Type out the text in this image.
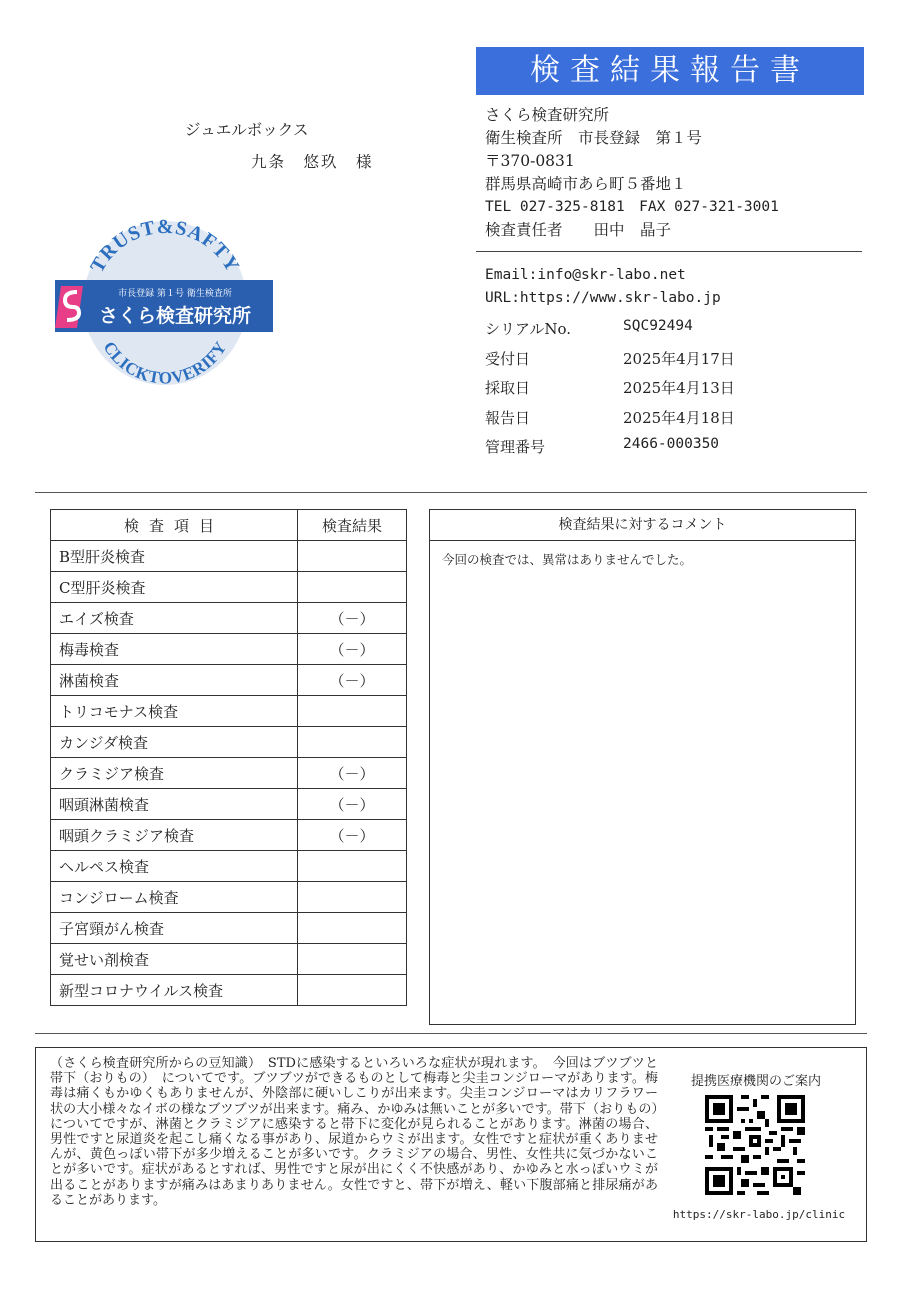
検査結果報告書
ジュエルボックス
九条　悠玖　様
TRUST&SAFTY
CLICKTOVERIFY
市長登録 第１号 衛生検査所
さくら検査研究所
さくら検査研究所
衛生検査所　市長登録　第１号
〒370-0831
群馬県高崎市あら町５番地１
TEL 027-325-8181　FAX 027-321-3001
検査責任者　　田中　晶子
Email:info@skr-labo.net
URL:https://www.skr-labo.jp
シリアルNo.	SQC92494
受付日	2025年4月17日
採取日	2025年4月13日
報告日	2025年4月18日
管理番号	2466-000350
検査項目	検査結果
B型肝炎検査	
C型肝炎検査	
エイズ検査	（－）
梅毒検査	（－）
淋菌検査	（－）
トリコモナス検査	
カンジダ検査	
クラミジア検査	（－）
咽頭淋菌検査	（－）
咽頭クラミジア検査	（－）
ヘルペス検査	
コンジローム検査	
子宮頸がん検査	
覚せい剤検査	
新型コロナウイルス検査	
検査結果に対するコメント
今回の検査では、異常はありませんでした。
（さくら検査研究所からの豆知識）　STDに感染するといろいろな症状が現れます。　今回はブツブツと帯下（おりもの）　についてです。ブツブツができるものとして梅毒と尖圭コンジローマがあります。梅毒は痛くもかゆくもありませんが、外陰部に硬いしこりが出来ます。尖圭コンジローマはカリフラワー状の大小様々なイボの様なブツブツが出来ます。痛み、かゆみは無いことが多いです。帯下（おりもの）についてですが、淋菌とクラミジアに感染すると帯下に変化が見られることがあります。淋菌の場合、男性ですと尿道炎を起こし痛くなる事があり、尿道からウミが出ます。女性ですと症状が重くありませんが、黄色っぽい帯下が多少増えることが多いです。クラミジアの場合、男性、女性共に気づかないことが多いです。症状があるとすれば、男性ですと尿が出にくく不快感があり、かゆみと水っぽいウミが出ることがありますが痛みはあまりありません。女性ですと、帯下が増え、軽い下腹部痛と排尿痛があることがあります。
提携医療機関のご案内
https://skr-labo.jp/clinic
